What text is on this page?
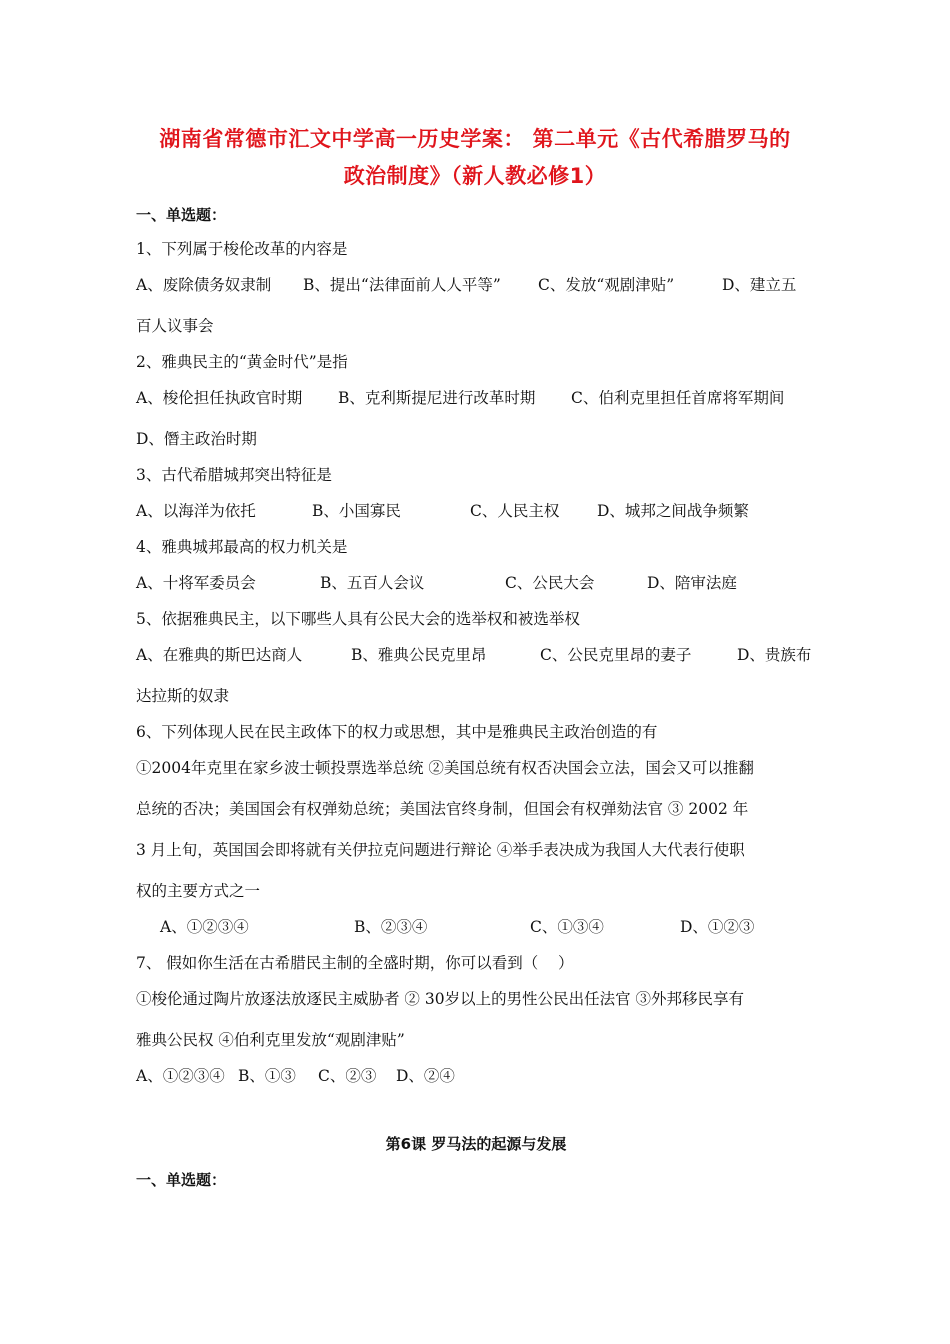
湖南省常德市汇文中学高一历史学案： 第二单元《古代希腊罗马的
政治制度》（新人教必修1）
一、单选题：
1、下列属于梭伦改革的内容是
A、废除债务奴隶制 B、提出“法律面前人人平等” C、发放“观剧津贴”	D、建立五
百人议事会
2、雅典民主的“黄金时代”是指
A、梭伦担任执政官时期 B、克利斯提尼进行改革时期 C、伯利克里担任首席将军期间
D、僭主政治时期
3、古代希腊城邦突出特征是
A、以海洋为依托	B、小国寡民	C、人民主权 D、城邦之间战争频繁
4、雅典城邦最高的权力机关是
A、十将军委员会	B、五百人会议	C、公民大会	D、陪审法庭
5、依据雅典民主，以下哪些人具有公民大会的选举权和被选举权
A、在雅典的斯巴达商人	B、雅典公民克里昂	C、公民克里昂的妻子	D、贵族布
达拉斯的奴隶
6、下列体现人民在民主政体下的权力或思想，其中是雅典民主政治创造的有
①2004年克里在家乡波士顿投票选举总统 ②美国总统有权否决国会立法，国会又可以推翻
总统的否决；美国国会有权弹劾总统；美国法官终身制，但国会有权弹劾法官 ③ 2002 年
3 月上旬，英国国会即将就有关伊拉克问题进行辩论 ④举手表决成为我国人大代表行使职
权的主要方式之一
A、①②③④	B、②③④	C、①③④	D、①②③
7、 假如你生活在古希腊民主制的全盛时期，你可以看到（    ）
①梭伦通过陶片放逐法放逐民主威胁者 ② 30岁以上的男性公民出任法官 ③外邦移民享有
雅典公民权 ④伯利克里发放“观剧津贴”
A、①②③④ B、①③ C、②③ D、②④
第6课 罗马法的起源与发展
一、单选题：
